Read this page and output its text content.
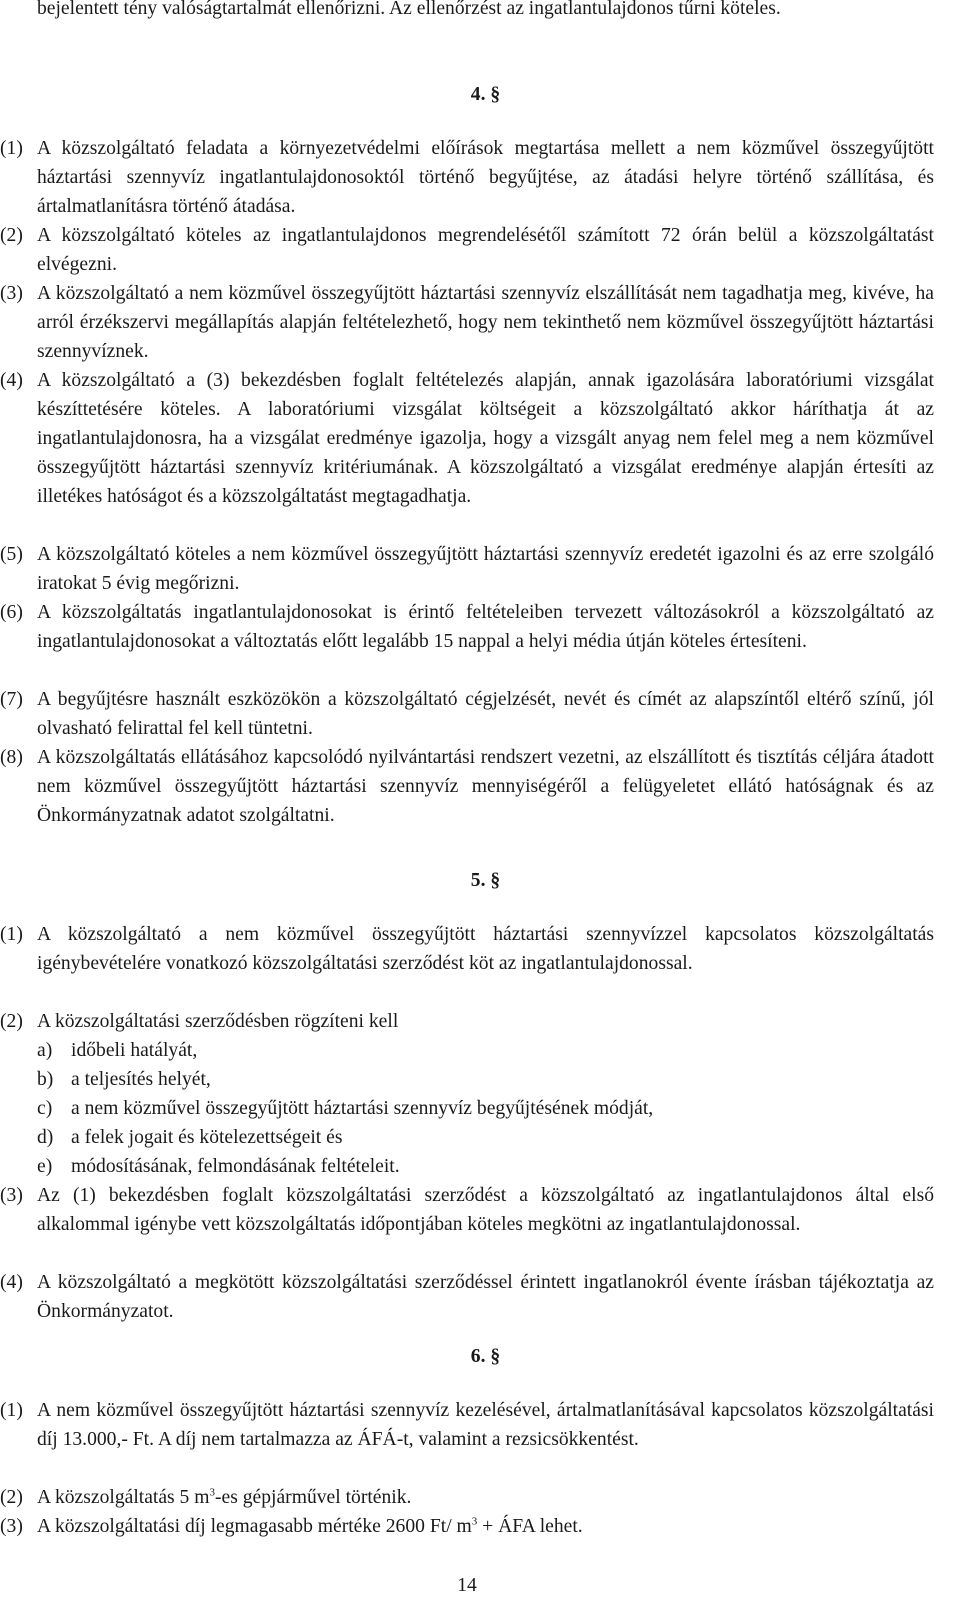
bejelentett tény valóságtartalmát ellenőrizni. Az ellenőrzést az ingatlantulajdonos tűrni köteles.
4. §
(1) A közszolgáltató feladata a környezetvédelmi előírások megtartása mellett a nem közművel összegyűjtött háztartási szennyvíz ingatlantulajdonosoktól történő begyűjtése, az átadási helyre történő szállítása, és ártalmatlanításra történő átadása.
(2) A közszolgáltató köteles az ingatlantulajdonos megrendelésétől számított 72 órán belül a közszolgáltatást elvégezni.
(3) A közszolgáltató a nem közművel összegyűjtött háztartási szennyvíz elszállítását nem tagadhatja meg, kivéve, ha arról érzékszervi megállapítás alapján feltételezhető, hogy nem tekinthető nem közművel összegyűjtött háztartási szennyvíznek.
(4) A közszolgáltató a (3) bekezdésben foglalt feltételezés alapján, annak igazolására laboratóriumi vizsgálat készíttetésére köteles. A laboratóriumi vizsgálat költségeit a közszolgáltató akkor háríthatja át az ingatlantulajdonosra, ha a vizsgálat eredménye igazolja, hogy a vizsgált anyag nem felel meg a nem közművel összegyűjtött háztartási szennyvíz kritériumának. A közszolgáltató a vizsgálat eredménye alapján értesíti az illetékes hatóságot és a közszolgáltatást megtagadhatja.
(5) A közszolgáltató köteles a nem közművel összegyűjtött háztartási szennyvíz eredetét igazolni és az erre szolgáló iratokat 5 évig megőrizni.
(6) A közszolgáltatás ingatlantulajdonosokat is érintő feltételeiben tervezett változásokról a közszolgáltató az ingatlantulajdonosokat a változtatás előtt legalább 15 nappal a helyi média útján köteles értesíteni.
(7) A begyűjtésre használt eszközökön a közszolgáltató cégjelzését, nevét és címét az alapszíntől eltérő színű, jól olvasható felirattal fel kell tüntetni.
(8) A közszolgáltatás ellátásához kapcsolódó nyilvántartási rendszert vezetni, az elszállított és tisztítás céljára átadott nem közművel összegyűjtött háztartási szennyvíz mennyiségéről a felügyeletet ellátó hatóságnak és az Önkormányzatnak adatot szolgáltatni.
5. §
(1) A közszolgáltató a nem közművel összegyűjtött háztartási szennyvízzel kapcsolatos közszolgáltatás igénybevételére vonatkozó közszolgáltatási szerződést köt az ingatlantulajdonossal.
(2) A közszolgáltatási szerződésben rögzíteni kell
a) időbeli hatályát,
b) a teljesítés helyét,
c) a nem közművel összegyűjtött háztartási szennyvíz begyűjtésének módját,
d) a felek jogait és kötelezettségeit és
e) módosításának, felmondásának feltételeit.
(3) Az (1) bekezdésben foglalt közszolgáltatási szerződést a közszolgáltató az ingatlantulajdonos által első alkalommal igénybe vett közszolgáltatás időpontjában köteles megkötni az ingatlantulajdonossal.
(4) A közszolgáltató a megkötött közszolgáltatási szerződéssel érintett ingatlanokról évente írásban tájékoztatja az Önkormányzatot.
6. §
(1) A nem közművel összegyűjtött háztartási szennyvíz kezelésével, ártalmatlanításával kapcsolatos közszolgáltatási díj 13.000,- Ft. A díj nem tartalmazza az ÁFÁ-t, valamint a rezsicsökkentést.
(2) A közszolgáltatás 5 $m^3-es$ gépjárművel történik.
(3) A közszolgáltatási díj legmagasabb mértéke 2600 Ft/ $m^3$ + ÁFA lehet.
14
